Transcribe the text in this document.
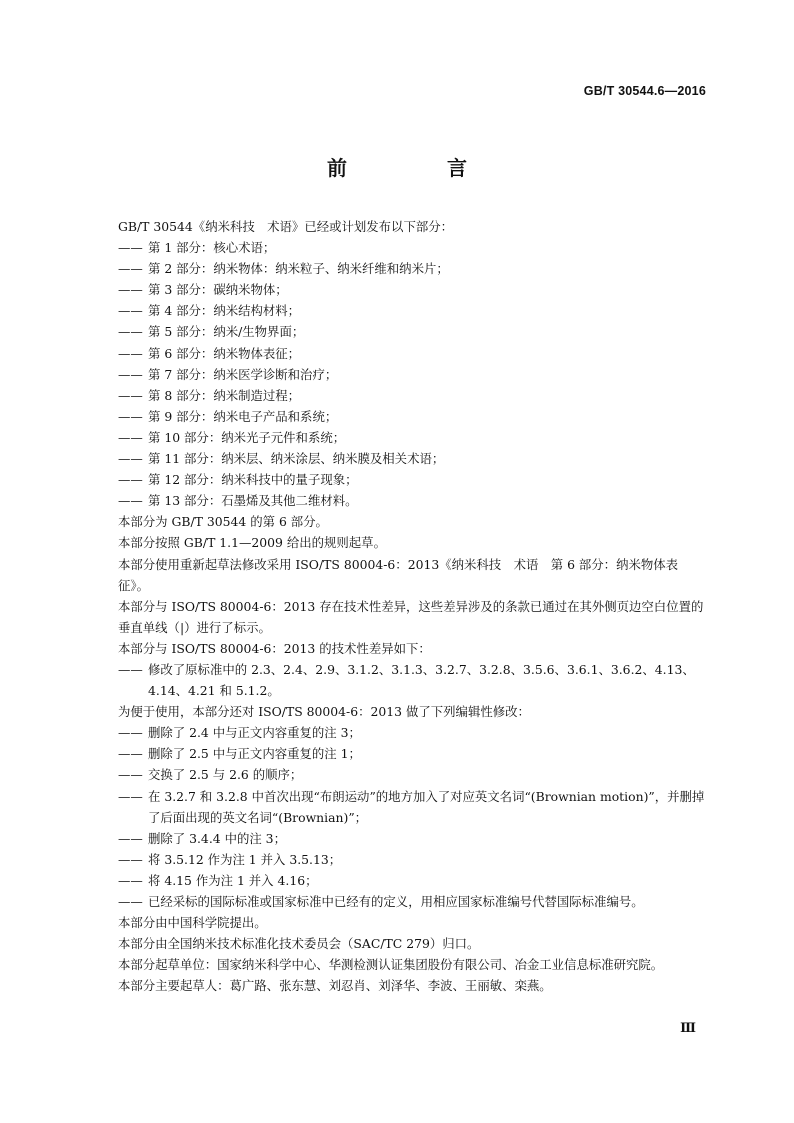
GB/T 30544.6—2016
前　言
GB/T 30544《纳米科技　术语》已经或计划发布以下部分：
—— 第 1 部分：核心术语；
—— 第 2 部分：纳米物体：纳米粒子、纳米纤维和纳米片；
—— 第 3 部分：碳纳米物体；
—— 第 4 部分：纳米结构材料；
—— 第 5 部分：纳米/生物界面；
—— 第 6 部分：纳米物体表征；
—— 第 7 部分：纳米医学诊断和治疗；
—— 第 8 部分：纳米制造过程；
—— 第 9 部分：纳米电子产品和系统；
—— 第 10 部分：纳米光子元件和系统；
—— 第 11 部分：纳米层、纳米涂层、纳米膜及相关术语；
—— 第 12 部分：纳米科技中的量子现象；
—— 第 13 部分：石墨烯及其他二维材料。
本部分为 GB/T 30544 的第 6 部分。
本部分按照 GB/T 1.1—2009 给出的规则起草。
本部分使用重新起草法修改采用 ISO/TS 80004-6：2013《纳米科技　术语　第 6 部分：纳米物体表征》。
本部分与 ISO/TS 80004-6：2013 存在技术性差异，这些差异涉及的条款已通过在其外侧页边空白位置的垂直单线（|）进行了标示。
本部分与 ISO/TS 80004-6：2013 的技术性差异如下：
—— 修改了原标准中的 2.3、2.4、2.9、3.1.2、3.1.3、3.2.7、3.2.8、3.5.6、3.6.1、3.6.2、4.13、4.14、4.21 和 5.1.2。
为便于使用，本部分还对 ISO/TS 80004-6：2013 做了下列编辑性修改：
—— 删除了 2.4 中与正文内容重复的注 3；
—— 删除了 2.5 中与正文内容重复的注 1；
—— 交换了 2.5 与 2.6 的顺序；
—— 在 3.2.7 和 3.2.8 中首次出现“布朗运动”的地方加入了对应英文名词“(Brownian motion)”，并删掉了后面出现的英文名词“(Brownian)”；
—— 删除了 3.4.4 中的注 3；
—— 将 3.5.12 作为注 1 并入 3.5.13；
—— 将 4.15 作为注 1 并入 4.16；
—— 已经采标的国际标准或国家标准中已经有的定义，用相应国家标准编号代替国际标准编号。
本部分由中国科学院提出。
本部分由全国纳米技术标准化技术委员会（SAC/TC 279）归口。
本部分起草单位：国家纳米科学中心、华测检测认证集团股份有限公司、冶金工业信息标准研究院。
本部分主要起草人：葛广路、张东慧、刘忍肖、刘泽华、李波、王丽敏、栾燕。
Ⅲ
